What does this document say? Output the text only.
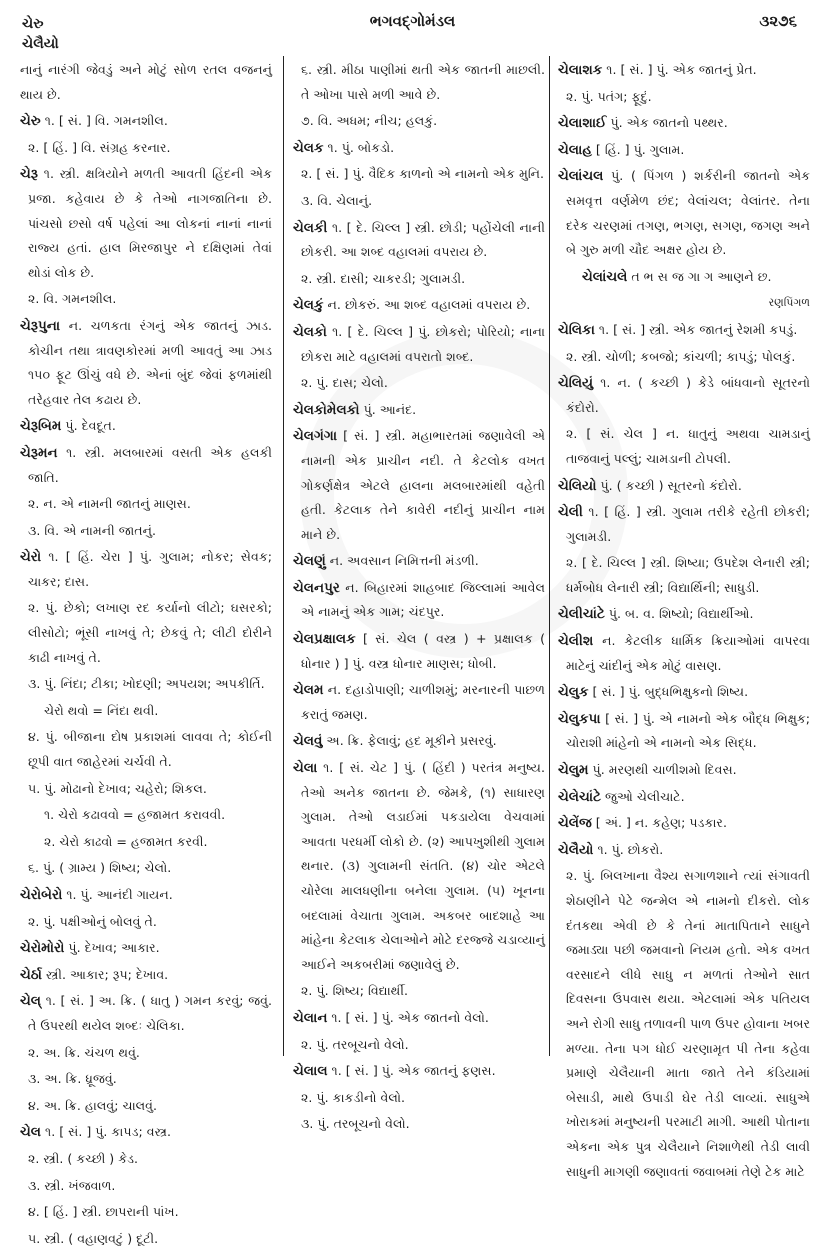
ચેરુ
ચેલૈયો
ભગવદ્ગોમંડલ	૩૨૭૬

નાનું નારંગી જેવડું અને મોટું સોળ રતલ વજનનું થાય છે.

ચેરુ ૧. [ સં. ] વિ. ગમનશીલ.

૨. [ હિં. ] વિ. સંગ્રહ કરનાર.

ચેરૂ ૧. સ્ત્રી. ક્ષત્રિયોને મળતી આવતી હિંદની એક પ્રજા. કહેવાય છે કે તેઓ નાગજાતિના છે. પાંચસો છસો વર્ષ પહેલાં આ લોકનાં નાનાં નાનાં રાજ્ય હતાં. હાલ મિરજાપુર ને દક્ષિણમાં તેવાં થોડાં લોક છે.

૨. વિ. ગમનશીલ.

ચેરૂપુના ન. ચળકતા રંગનું એક જાતનું ઝાડ. કોચીન તથા ત્રાવણકોરમાં મળી આવતું આ ઝાડ ૧૫૦ ફૂટ ઊંચું વધે છે. એનાં બુંદ જેવાં ફળમાંથી તરેહવાર તેલ કઢાય છે.

ચેરૂબિમ પું. દેવદૂત.

ચેરૂમન ૧. સ્ત્રી. મલબારમાં વસતી એક હલકી જાતિ.

૨. ન. એ નામની જાતનું માણસ.

૩. વિ. એ નામની જાતનું.

ચેરો ૧. [ હિં. ચેરા ] પું. ગુલામ; નોકર; સેવક; ચાકર; દાસ.

૨. પું. છેકો; લખાણ રદ કર્યાનો લીટો; ઘસરકો; લીસોટો; ભૂંસી નાખવું તે; છેકવું તે; લીટી દોરીને કાઢી નાખવું તે.

૩. પું. નિંદા; ટીકા; ખોદણી; અપયશ; અપકીર્તિ.

ચેરો થવો = નિંદા થવી.

૪. પું. બીજાના દોષ પ્રકાશમાં લાવવા તે; કોઈની છૂપી વાત જાહેરમાં ચર્ચવી તે.

૫. પું. મોઢાનો દેખાવ; ચહેરો; શિકલ.

૧. ચેરો કઢાવવો = હજામત કરાવવી.

૨. ચેરો કાઢવો = હજામત કરવી.

૬. પું. ( ગ્રામ્ય ) શિષ્ય; ચેલો.

ચેરોબેરો ૧. પું. આનંદી ગાયન.

૨. પું. પક્ષીઓનું બોલવું તે.

ચેરોમોરો પું. દેખાવ; આકાર.

ચેર્ઠા સ્ત્રી. આકાર; રૂપ; દેખાવ.

ચેલ્ ૧. [ સં. ] અ. ક્રિ. ( ધાતુ ) ગમન કરવું; જવું. તે ઉપરથી થયેલ શબ્દઃ ચેલિકા.

૨. અ. ક્રિ. ચંચળ થવું.

૩. અ. ક્રિ. ધ્રૂજવું.

૪. અ. ક્રિ. હાલવું; ચાલવું.

ચેલ ૧. [ સં. ] પું. કાપડ; વસ્ત્ર.

૨. સ્ત્રી. ( કચ્છી ) કેડ.

૩. સ્ત્રી. ખંજવાળ.

૪. [ હિં. ] સ્ત્રી. છાપરાની પાંખ.

૫. સ્ત્રી. ( વહાણવટું ) દૂટી.

૬. સ્ત્રી. મીઠા પાણીમાં થતી એક જાતની માછલી. તે ઓખા પાસે મળી આવે છે.

૭. વિ. અધમ; નીચ; હલકું.

ચેલક ૧. પું. બોકડો.

૨. [ સં. ] પું. વૈદિક કાળનો એ નામનો એક મુનિ.

૩. વિ. ચેલાનું.

ચેલકી ૧. [ દે. ચિલ્લ ] સ્ત્રી. છોડી; પહોંચેલી નાની છોકરી. આ શબ્દ વહાલમાં વપરાય છે.

૨. સ્ત્રી. દાસી; ચાકરડી; ગુલામડી.

ચેલકું ન. છોકરું. આ શબ્દ વહાલમાં વપરાય છે.

ચેલકો ૧. [ દે. ચિલ્લ ] પું. છોકરો; પોરિયો; નાના છોકરા માટે વહાલમાં વપરાતો શબ્દ.

૨. પું. દાસ; ચેલો.

ચેલકોમેલકો પું. આનંદ.

ચેલગંગા [ સં. ] સ્ત્રી. મહાભારતમાં જણાવેલી એ નામની એક પ્રાચીન નદી. તે કેટલોક વખત ગોકર્ણક્ષેત્ર એટલે હાલના મલબારમાંથી વહેતી હતી. કેટલાક તેને કાવેરી નદીનું પ્રાચીન નામ માને છે.

ચેલણું ન. અવસાન નિમિત્તની મંડળી.

ચેલનપુર ન. બિહારમાં શાહબાદ જિલ્લામાં આવેલ એ નામનું એક ગામ; ચંદપુર.

ચેલપ્રક્ષાલક [ સં. ચેલ ( વસ્ત્ર ) + પ્રક્ષાલક ( ધોનાર ) ] પું. વસ્ત્ર ધોનાર માણસ; ધોબી.

ચેલમ ન. દહાડોપાણી; ચાળીશમું; મરનારની પાછળ કરાતું જમણ.

ચેલવું અ. ક્રિ. ફેલાવું; હદ મૂકીને પ્રસરવું.

ચેલા ૧. [ સં. ચેટ ] પું. ( હિંદી ) પરતંત્ર મનુષ્ય. તેઓ અનેક જાતના છે. જેમકે, (૧) સાધારણ ગુલામ. તેઓ લડાઈમાં પકડાયેલા વેચવામાં આવતા પરધર્મી લોકો છે. (૨) આપખુશીથી ગુલામ થનાર. (૩) ગુલામની સંતતિ. (૪) ચોર એટલે ચોરેલા માલધણીના બનેલા ગુલામ. (૫) ખૂનના બદલામાં વેચાતા ગુલામ. અકબર બાદશાહે આ માંહેના કેટલાક ચેલાઓને મોટે દરજ્જે ચડાવ્યાનું આઈને અકબરીમાં જણાવેલું છે.

૨. પું. શિષ્ય; વિદ્યાર્થી.

ચેલાન ૧. [ સં. ] પું. એક જાતનો વેલો.

૨. પું. તરબૂચનો વેલો.

ચેલાલ ૧. [ સં. ] પું. એક જાતનું ફણસ.

૨. પું. કાકડીનો વેલો.

૩. પું. તરબૂચનો વેલો.

ચેલાશક ૧. [ સં. ] પું. એક જાતનું પ્રેત.

૨. પું. પતંગ; ફૂદું.

ચેલાશાઈ પું. એક જાતનો પથ્થર.

ચેલાહ [ હિં. ] પું. ગુલામ.

ચેલાંચલ પું. ( પિંગળ ) શર્કરીની જાતનો એક સમવૃત્ત વર્ણમેળ છંદ; વેલાંચલ; વેલાંતર. તેના દરેક ચરણમાં તગણ, ભગણ, સગણ, જગણ અને બે ગુરુ મળી ચૌદ અક્ષર હોય છે.

ચેલાંચલે ત ભ સ જ ગા ગ આણને છ.

રણપિંગળ

ચેલિકા ૧. [ સં. ] સ્ત્રી. એક જાતનું રેશમી કપડું.

૨. સ્ત્રી. ચોળી; કબજો; કાંચળી; કાપડું; પોલકું.

ચેલિયું ૧. ન. ( કચ્છી ) કેડે બાંધવાનો સૂતરનો કંદોરો.

૨. [ સં. ચેલ ] ન. ધાતુનું અથવા ચામડાનું તાજવાનું પલ્લું; ચામડાની ટોપલી.

ચેલિયો પું. ( કચ્છી ) સૂતરનો કંદોરો.

ચેલી ૧. [ હિં. ] સ્ત્રી. ગુલામ તરીકે રહેતી છોકરી; ગુલામડી.

૨. [ દે. ચિલ્લ ] સ્ત્રી. શિષ્યા; ઉપદેશ લેનારી સ્ત્રી; ધર્મબોધ લેનારી સ્ત્રી; વિદ્યાર્થિની; સાધુડી.

ચેલીચાંટે પું. બ. વ. શિષ્યો; વિદ્યાર્થીઓ.

ચેલીશ ન. કેટલીક ધાર્મિક ક્રિયાઓમાં વાપરવા માટેનું ચાંદીનું એક મોટું વાસણ.

ચેલુક [ સં. ] પું. બુદ્ધભિક્ષુકનો શિષ્ય.

ચેલુકપા [ સં. ] પું. એ નામનો એક બૌદ્ધ ભિક્ષુક; ચોરાશી માંહેનો એ નામનો એક સિદ્ધ.

ચેલુમ પું. મરણથી ચાળીશમો દિવસ.

ચેલેચાંટે જુઓ ચેલીચાટે.

ચેલેંજ [ અં. ] ન. કહેણ; પડકાર.

ચેલૈયો ૧. પું. છોકરો.

૨. પું. બિલખાના વૈશ્ય સગાળશાને ત્યાં સંગાવતી શેઠાણીને પેટે જન્મેલ એ નામનો દીકરો. લોક દંતકથા એવી છે કે તેનાં માતાપિતાને સાધુને જમાડ્યા પછી જમવાનો નિયમ હતો. એક વખત વરસાદને લીધે સાધુ ન મળતાં તેઓને સાત દિવસના ઉપવાસ થયા. એટલામાં એક પતિયલ અને રોગી સાધુ તળાવની પાળ ઉપર હોવાના ખબર મળ્યા. તેના પગ ધોઈ ચરણામૃત પી તેના કહેવા પ્રમાણે ચેલૈયાની માતા જાતે તેને કંડિયામાં બેસાડી, માથે ઉપાડી ઘેર તેડી લાવ્યાં. સાધુએ ખોરાકમાં મનુષ્યની પરમાટી માગી. આથી પોતાના એકના એક પુત્ર ચેલૈયાને નિશાળેથી તેડી લાવી સાધુની માગણી જણાવતાં જવાબમાં તેણે ટેક માટે
